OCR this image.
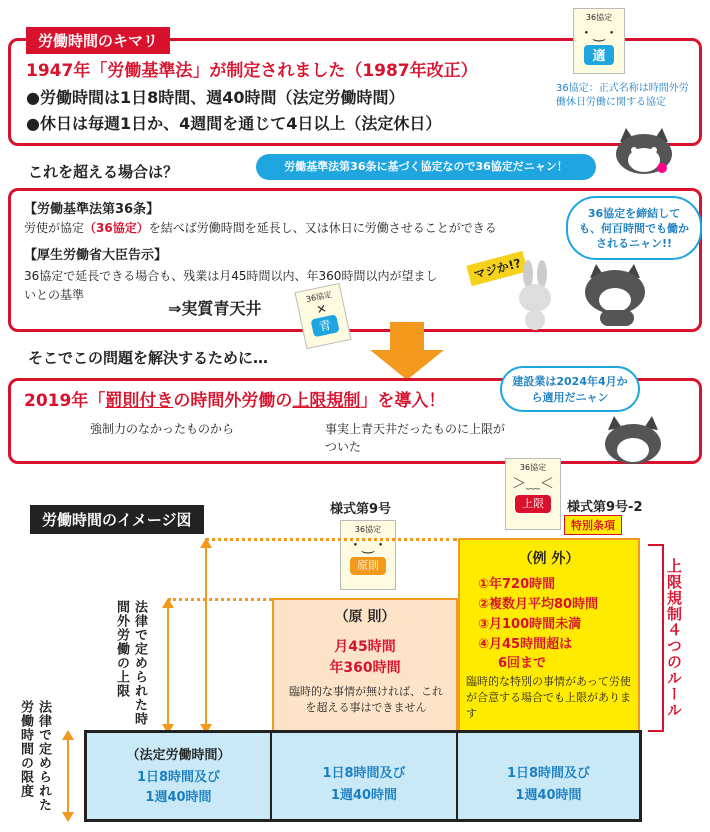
労働時間のキマリ
1947年「労働基準法」が制定されました（1987年改正）
●労働時間は1日8時間、週40時間（法定労働時間）
●休日は毎週1日か、4週間を通じて4日以上（法定休日）
36協定
・‿・
適
36協定：正式名称は時間外労働休日労働に関する協定
これを超える場合は？	労働基準法第36条に基づく協定なので36協定だニャン！
【労働基準法第36条】
労使が協定（36協定）を結べば労働時間を延長し、又は休日に労働させることができる
【厚生労働省大臣告示】
36協定で延長できる場合も、残業は月45時間以内、年360時間以内が望ましいとの基準
⇒実質青天井
36協定
✕
青
マジか!?
36協定を締結しても、何百時間でも働かされるニャン!!
そこでこの問題を解決するために…
2019年「罰則付きの時間外労働の上限規制」を導入！
強制力のなかったものから	事実上青天井だったものに上限がついた
建設業は2024年4月から適用だニャン
労働時間のイメージ図
様式第9号	様式第9号-2
特別条項
36協定
・‿・
原則
36協定
＞﹏＜
上限
法律で定められた時間外労働の上限
法律で定められた労働時間の限度
（原 則）
月45時間
年360時間
臨時的な事情が無ければ、これを超える事はできません
（例 外）
①年720時間
②複数月平均80時間
③月100時間未満
④月45時間超は
6回まで
臨時的な特別の事情があって労使が合意する場合でも上限があります	上限規制４つのルール
（法定労働時間）
1日8時間及び
1週40時間
1日8時間及び
1週40時間
1日8時間及び
1週40時間
